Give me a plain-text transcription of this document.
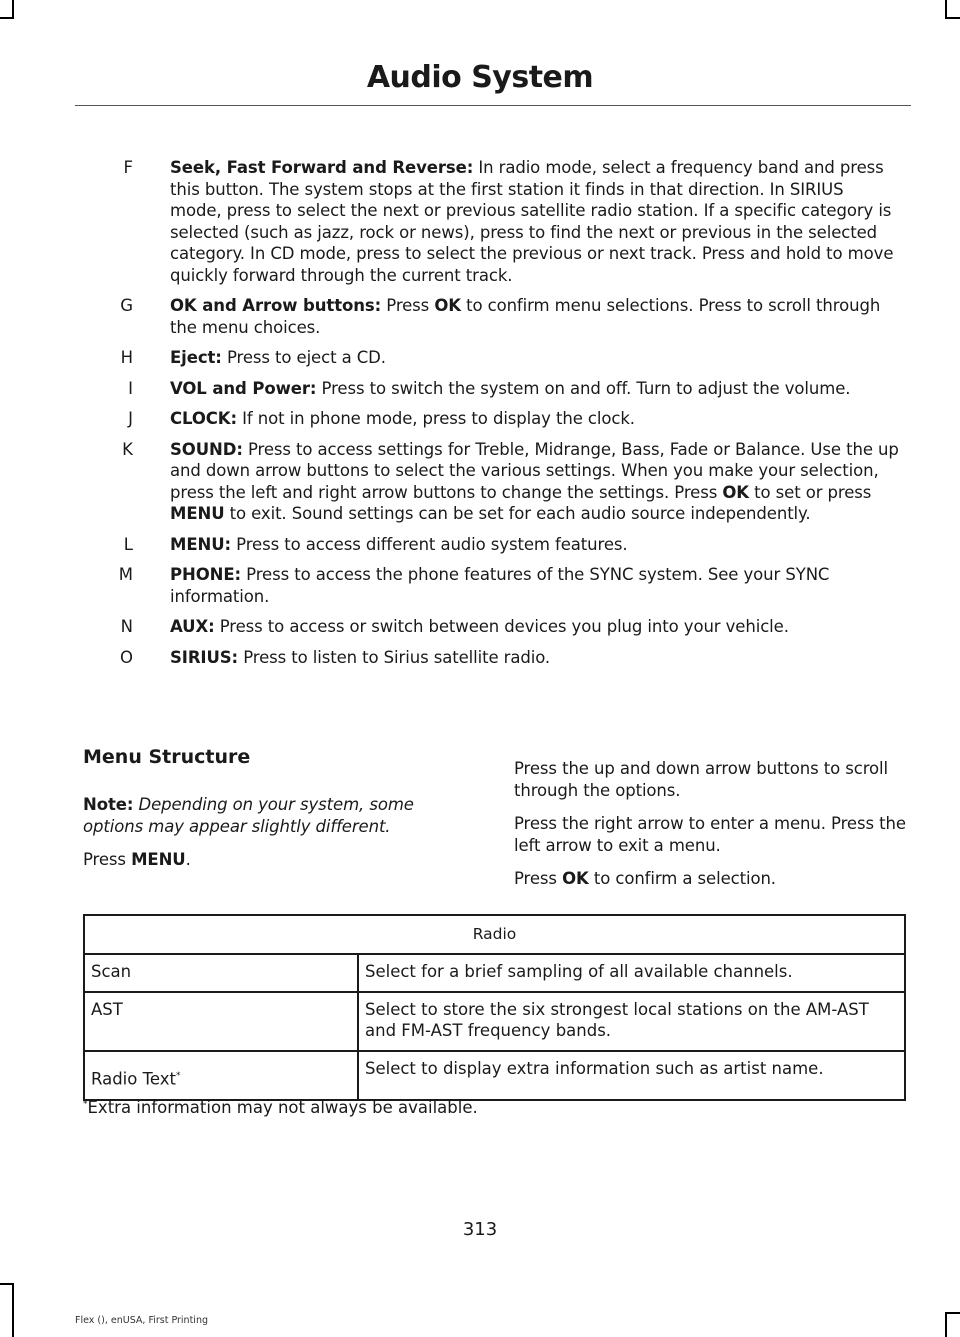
Audio System
F Seek, Fast Forward and Reverse: In radio mode, select a frequency band and press this button. The system stops at the first station it finds in that direction. In SIRIUS mode, press to select the next or previous satellite radio station. If a specific category is selected (such as jazz, rock or news), press to find the next or previous in the selected category. In CD mode, press to select the previous or next track. Press and hold to move quickly forward through the current track.
G OK and Arrow buttons: Press OK to confirm menu selections. Press to scroll through the menu choices.
H Eject: Press to eject a CD.
I VOL and Power: Press to switch the system on and off. Turn to adjust the volume.
J CLOCK: If not in phone mode, press to display the clock.
K SOUND: Press to access settings for Treble, Midrange, Bass, Fade or Balance. Use the up and down arrow buttons to select the various settings. When you make your selection, press the left and right arrow buttons to change the settings. Press OK to set or press MENU to exit. Sound settings can be set for each audio source independently.
L MENU: Press to access different audio system features.
M PHONE: Press to access the phone features of the SYNC system. See your SYNC information.
N AUX: Press to access or switch between devices you plug into your vehicle.
O SIRIUS: Press to listen to Sirius satellite radio.
Menu Structure

Note: Depending on your system, some options may appear slightly different.

Press MENU.

Press the up and down arrow buttons to scroll through the options.

Press the right arrow to enter a menu. Press the left arrow to exit a menu.

Press OK to confirm a selection.

Radio	
Scan	Select for a brief sampling of all available channels.
AST	Select to store the six strongest local stations on the AM-AST and FM-AST frequency bands.
Radio Text*	Select to display extra information such as artist name.
*Extra information may not always be available.
313
Flex (), enUSA, First Printing
